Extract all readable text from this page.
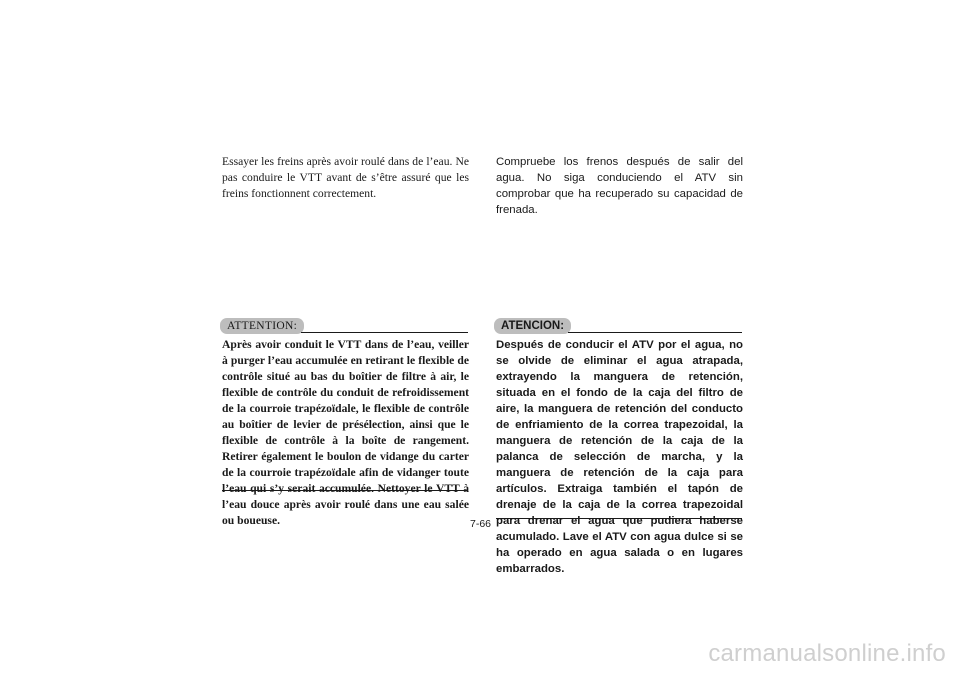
Essayer les freins après avoir roulé dans de l’eau. Ne pas conduire le VTT avant de s’être assuré que les freins fonctionnent correctement.
ATTENTION:
Après avoir conduit le VTT dans de l’eau, veiller à purger l’eau accumulée en retirant le flexible de contrôle situé au bas du boîtier de filtre à air, le flexible de contrôle du conduit de refroidissement de la courroie trapézoïdale, le flexible de contrôle au boîtier de levier de présélection, ainsi que le flexible de contrôle à la boîte de rangement. Retirer également le boulon de vidange du carter de la courroie trapézoïdale afin de vidanger toute l’eau qui s’y serait accumulée. Nettoyer le VTT à l’eau douce après avoir roulé dans une eau salée ou boueuse.
Compruebe los frenos después de salir del agua. No siga conduciendo el ATV sin comprobar que ha recuperado su capacidad de frenada.
ATENCION:
Después de conducir el ATV por el agua, no se olvide de eliminar el agua atrapada, extrayendo la manguera de retención, situada en el fondo de la caja del filtro de aire, la manguera de retención del conducto de enfriamiento de la correa trapezoidal, la manguera de retención de la caja de la palanca de selección de marcha, y la manguera de retención de la caja para artículos. Extraiga también el tapón de drenaje de la caja de la correa trapezoidal para drenar el agua que pudiera haberse acumulado. Lave el ATV con agua dulce si se ha operado en agua salada o en lugares embarrados.
7-66
carmanualsonline.info
